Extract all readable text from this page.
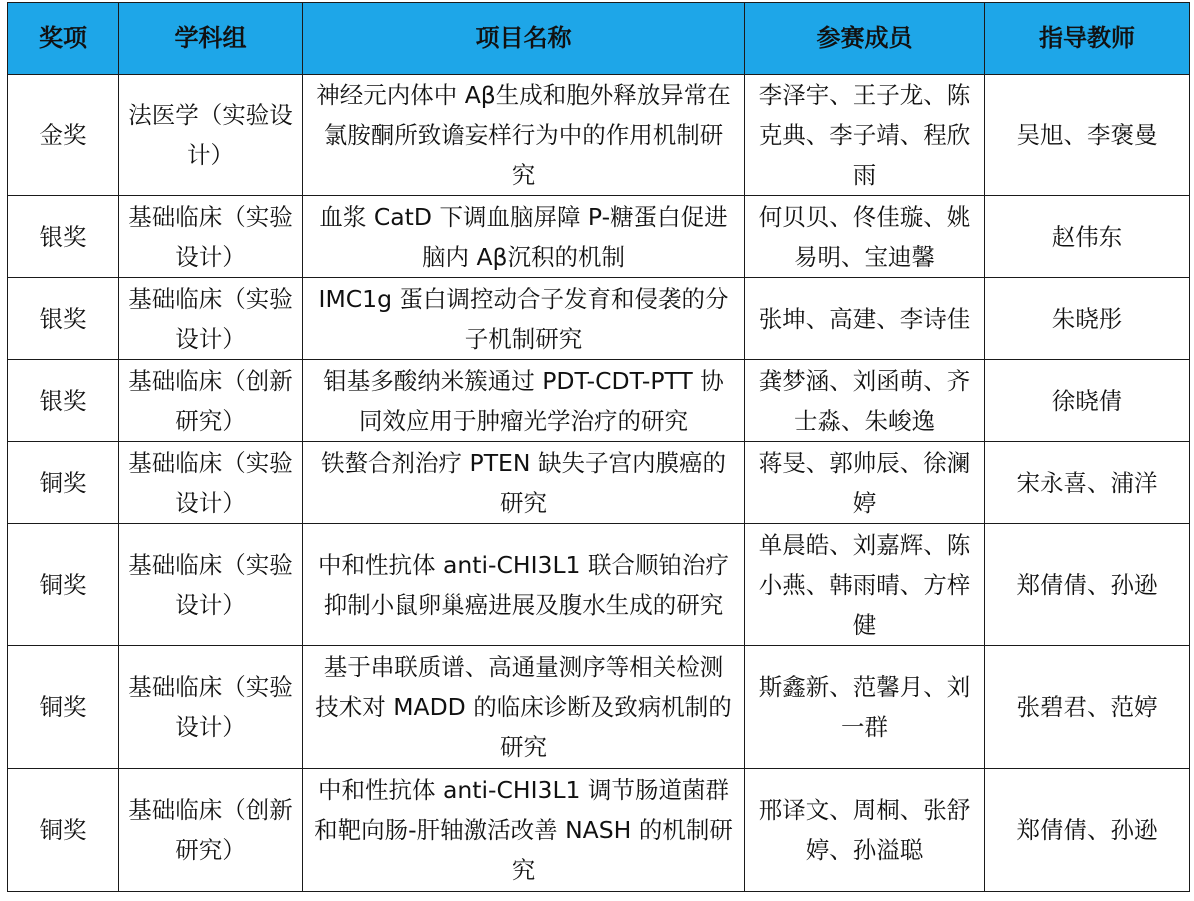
奖项	学科组	项目名称	参赛成员	指导教师
金奖	法医学（实验设计）	神经元内体中 Aβ生成和胞外释放异常在氯胺酮所致谵妄样行为中的作用机制研究	李泽宇、王子龙、陈克典、李子靖、程欣雨	吴旭、李褒曼
银奖	基础临床（实验设计）	血浆 CatD 下调血脑屏障 P-糖蛋白促进脑内 Aβ沉积的机制	何贝贝、佟佳璇、姚易明、宝迪馨	赵伟东
银奖	基础临床（实验设计）	IMC1g 蛋白调控动合子发育和侵袭的分子机制研究	张坤、高建、李诗佳	朱晓彤
银奖	基础临床（创新研究）	钼基多酸纳米簇通过 PDT-CDT-PTT 协同效应用于肿瘤光学治疗的研究	龚梦涵、刘函萌、齐士淼、朱峻逸	徐晓倩
铜奖	基础临床（实验设计）	铁螯合剂治疗 PTEN 缺失子宫内膜癌的研究	蒋旻、郭帅辰、徐澜婷	宋永喜、浦洋
铜奖	基础临床（实验设计）	中和性抗体 anti-CHI3L1 联合顺铂治疗抑制小鼠卵巢癌进展及腹水生成的研究	单晨皓、刘嘉辉、陈小燕、韩雨晴、方梓健	郑倩倩、孙逊
铜奖	基础临床（实验设计）	基于串联质谱、高通量测序等相关检测技术对 MADD 的临床诊断及致病机制的研究	斯鑫新、范馨月、刘一群	张碧君、范婷
铜奖	基础临床（创新研究）	中和性抗体 anti-CHI3L1 调节肠道菌群和靶向肠-肝轴激活改善 NASH 的机制研究	邢译文、周桐、张舒婷、孙溢聪	郑倩倩、孙逊
